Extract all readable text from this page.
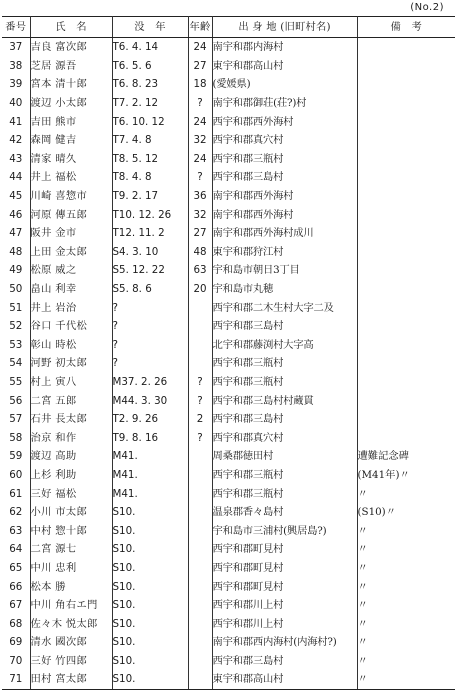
(No.2)
番号	氏　名	没　年	年齢	出 身 地 (旧町村名)	備　考
37	吉良 富次郎	T6. 4. 14	24	南宇和郡内海村	
38	芝居 源吾	T6. 5. 6	27	東宇和郡高山村	
39	宮本 清十郎	T6. 8. 23	18	(愛媛県)	
40	渡辺 小太郎	T7. 2. 12	?	南宇和郡御荘(荘?)村	
41	吉田 熊市	T6. 10. 12	24	西宇和郡西外海村	
42	森岡 健吉	T7. 4. 8	32	西宇和郡真穴村	
43	清家 晴久	T8. 5. 12	24	西宇和郡三瓶村	
44	井上 福松	T8. 4. 8	?	西宇和郡三島村	
45	川崎 喜惣市	T9. 2. 17	36	南宇和郡西外海村	
46	河原 傳五郎	T10. 12. 26	32	南宇和郡西外海村	
47	阪井 金市	T12. 11. 2	27	南宇和郡西外海村成川	
48	上田 金太郎	S4. 3. 10	48	東宇和郡狩江村	
49	松原 威之	S5. 12. 22	63	宇和島市朝日3丁目	
50	畠山 利幸	S5. 8. 6	20	宇和島市丸穂	
51	井上 岩治	?		西宇和郡二木生村大字二及	
52	谷口 千代松	?		西宇和郡三島村	
53	彰山 時松	?		北宇和郡藤渕村大字高	
54	河野 初太郎	?		西宇和郡三瓶村	
55	村上 寅八	M37. 2. 26	?	西宇和郡三瓶村	
56	二宮 五郎	M44. 3. 30	?	西宇和郡三島村村蔵貫	
57	石井 長太郎	T2. 9. 26	2	西宇和郡三島村	
58	治京 和作	T9. 8. 16	?	西宇和郡真穴村	
59	渡辺 高助	M41.		周桑郡徳田村	遭難記念碑
60	上杉 利助	M41.		西宇和郡三瓶村	(M41年)〃
61	三好 福松	M41.		西宇和郡三瓶村	〃
62	小川 市太郎	S10.		温泉郡香々島村	(S10)〃
63	中村 惣十郎	S10.		宇和島市三浦村(興居島?)	〃
64	二宮 源七	S10.		西宇和郡町見村	〃
65	中川 忠利	S10.		西宇和郡町見村	〃
66	松本 勝	S10.		西宇和郡町見村	〃
67	中川 角右エ門	S10.		西宇和郡川上村	〃
68	佐々木 悦太郎	S10.		西宇和郡川上村	〃
69	清水 國次郎	S10.		南宇和郡西内海村(内海村?)	〃
70	三好 竹四郎	S10.		西宇和郡三島村	〃
71	田村 宮太郎	S10.		東宇和郡高山村	〃
